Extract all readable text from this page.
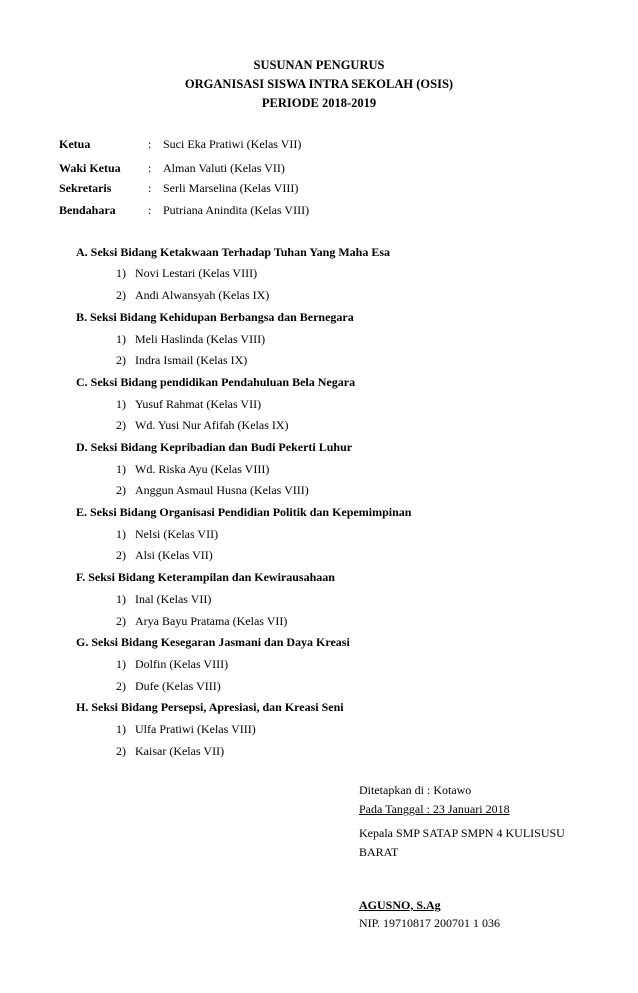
SUSUNAN PENGURUS
ORGANISASI SISWA INTRA SEKOLAH (OSIS)
PERIODE 2018-2019
Ketua	: Suci Eka Pratiwi (Kelas VII)
Waki Ketua	: Alman Valuti (Kelas VII)
Sekretaris	: Serli Marselina (Kelas VIII)
Bendahara	: Putriana Anindita (Kelas VIII)
A. Seksi Bidang Ketakwaan Terhadap Tuhan Yang Maha Esa
1) Novi Lestari (Kelas VIII)
2) Andi Alwansyah (Kelas IX)
B. Seksi Bidang Kehidupan Berbangsa dan Bernegara
1) Meli Haslinda (Kelas VIII)
2) Indra Ismail (Kelas IX)
C. Seksi Bidang pendidikan Pendahuluan Bela Negara
1) Yusuf Rahmat (Kelas VII)
2) Wd. Yusi Nur Afifah (Kelas IX)
D. Seksi Bidang Kepribadian dan Budi Pekerti Luhur
1) Wd. Riska Ayu (Kelas VIII)
2) Anggun Asmaul Husna (Kelas VIII)
E. Seksi Bidang Organisasi Pendidian Politik dan Kepemimpinan
1) Nelsi (Kelas VII)
2) Alsi (Kelas VII)
F. Seksi Bidang Keterampilan dan Kewirausahaan
1) Inal (Kelas VII)
2) Arya Bayu Pratama (Kelas VII)
G. Seksi Bidang Kesegaran Jasmani dan Daya Kreasi
1) Dolfin (Kelas VIII)
2) Dufe (Kelas VIII)
H. Seksi Bidang Persepsi, Apresiasi, dan Kreasi Seni
1) Ulfa Pratiwi (Kelas VIII)
2) Kaisar (Kelas VII)
Ditetapkan di : Kotawo
Pada Tanggal : 23 Januari 2018
Kepala SMP SATAP SMPN 4 KULISUSU
BARAT
AGUSNO, S.Ag
NIP. 19710817 200701 1 036
